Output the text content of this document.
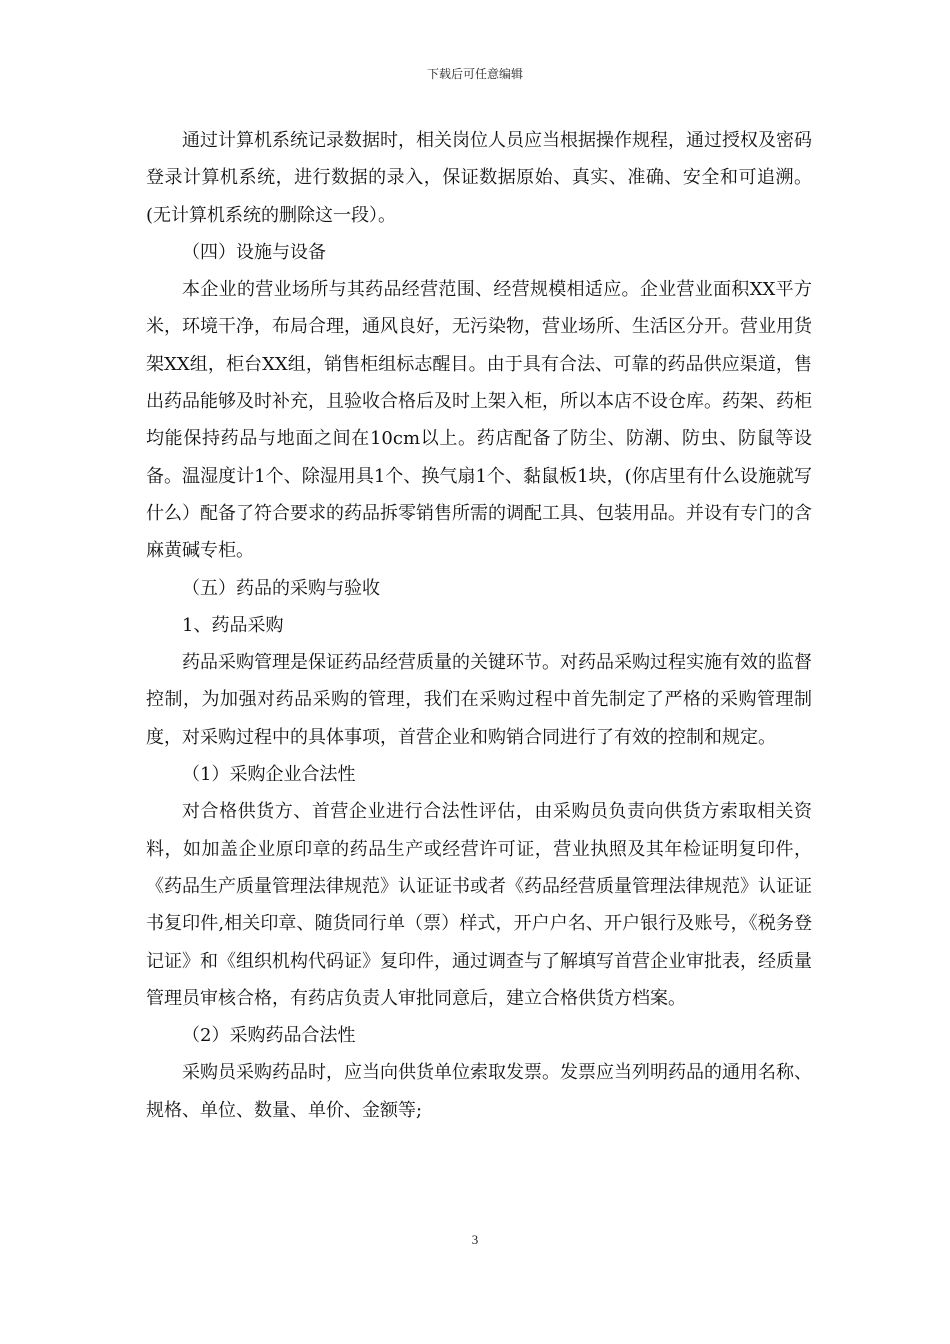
下载后可任意编辑

通过计算机系统记录数据时，相关岗位人员应当根据操作规程，通过授权及密码登录计算机系统，进行数据的录入，保证数据原始、真实、准确、安全和可追溯。(无计算机系统的删除这一段）。

（四）设施与设备

本企业的营业场所与其药品经营范围、经营规模相适应。企业营业面积XX平方米，环境干净，布局合理，通风良好，无污染物，营业场所、生活区分开。营业用货架XX组，柜台XX组，销售柜组标志醒目。由于具有合法、可靠的药品供应渠道，售出药品能够及时补充，且验收合格后及时上架入柜，所以本店不设仓库。药架、药柜均能保持药品与地面之间在10cm以上。药店配备了防尘、防潮、防虫、防鼠等设备。温湿度计1个、除湿用具1个、换气扇1个、黏鼠板1块，(你店里有什么设施就写什么）配备了符合要求的药品拆零销售所需的调配工具、包装用品。并设有专门的含麻黄碱专柜。

（五）药品的采购与验收

1、药品采购

药品采购管理是保证药品经营质量的关键环节。对药品采购过程实施有效的监督控制，为加强对药品采购的管理，我们在采购过程中首先制定了严格的采购管理制度，对采购过程中的具体事项，首营企业和购销合同进行了有效的控制和规定。

（1）采购企业合法性

对合格供货方、首营企业进行合法性评估，由采购员负责向供货方索取相关资料，如加盖企业原印章的药品生产或经营许可证，营业执照及其年检证明复印件，《药品生产质量管理法律规范》认证证书或者《药品经营质量管理法律规范》认证证书复印件,相关印章、随货同行单（票）样式，开户户名、开户银行及账号，《税务登记证》和《组织机构代码证》复印件，通过调查与了解填写首营企业审批表，经质量管理员审核合格，有药店负责人审批同意后，建立合格供货方档案。

（2）采购药品合法性

采购员采购药品时，应当向供货单位索取发票。发票应当列明药品的通用名称、规格、单位、数量、单价、金额等;

3
